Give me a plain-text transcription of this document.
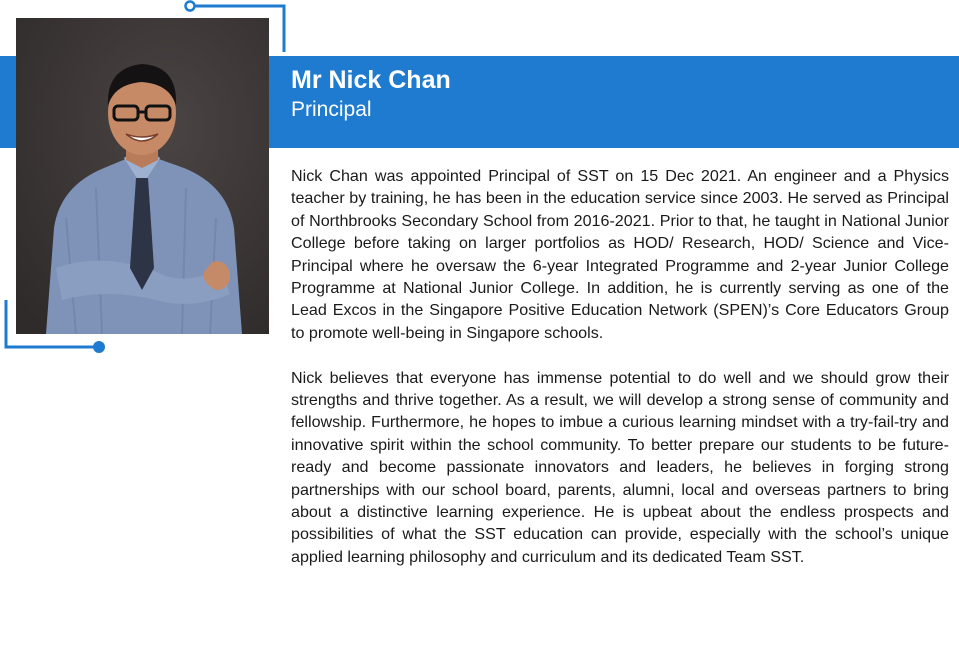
Mr Nick Chan
Principal

Nick Chan was appointed Principal of SST on 15 Dec 2021. An engineer and a Physics teacher by training, he has been in the education service since 2003. He served as Principal of Northbrooks Secondary School from 2016-2021. Prior to that, he taught in National Junior College before taking on larger portfolios as HOD/ Research, HOD/ Science and Vice-Principal where he oversaw the 6-year Integrated Programme and 2-year Junior College Programme at National Junior College. In addition, he is currently serving as one of the Lead Excos in the Singapore Positive Education Network (SPEN)’s Core Educators Group to promote well-being in Singapore schools.

Nick believes that everyone has immense potential to do well and we should grow their strengths and thrive together. As a result, we will develop a strong sense of community and fellowship. Furthermore, he hopes to imbue a curious learning mindset with a try-fail-try and innovative spirit within the school community. To better prepare our students to be future-ready and become passionate innovators and leaders, he believes in forging strong partnerships with our school board, parents, alumni, local and overseas partners to bring about a distinctive learning experience. He is upbeat about the endless prospects and possibilities of what the SST education can provide, especially with the school’s unique applied learning philosophy and curriculum and its dedicated Team SST.
